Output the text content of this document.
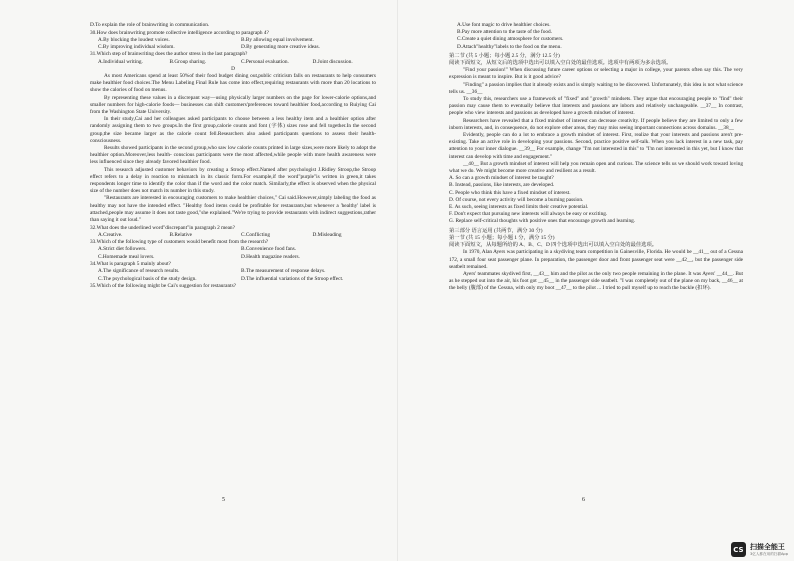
D.To explain the role of brainwriting in communication.

30.How does brainwriting promote collective intelligence according to paragraph 4?

A.By blocking the loudest voices.	B.By allowing equal involvement.
C.By improving individual wisdom.	D.By generating more creative ideas.

31.Which step of brainwriting does the author stress in the last paragraph?

A.Individual writing.	B.Group sharing.	C.Personal evaluation.	D.Joint discussion.

D

As most Americans spend at least 50%of their food budget dining out,public criticism falls on restaurants to help consumers make healthier food choices.The Menu Labeling Final Rule has come into effect,requiring restaurants with more than 20 locations to show the calories of food on menus.

By representing these values in a discrepant way—using physically larger numbers on the page for lower-calorie options,and smaller numbers for high-calorie foods— businesses can shift customers'preferences toward healthier food,according to Ruiying Cai from the Washington State University.

In their study,Cai and her colleagues asked participants to choose between a less healthy item and a healthier option after randomly assigning them to two groups.In the first group,calorie counts and font (字体) sizes rose and fell together.In the second group,the size became larger as the calorie count fell.Researchers also asked participants questions to assess their health-consciousness.

Results showed participants in the second group,who saw low calorie counts printed in large sizes,were more likely to adopt the healthier option.Moreover,less health- conscious participants were the most affected,while people with more health awareness were less influenced since they already favored healthier food.

This research adjusted customer behaviors by creating a Stroop effect.Named after psychologist J.Ridley Stroop,the Stroop effect refers to a delay in reaction to mismatch in its classic form.For example,if the word"purple"is written in green,it takes respondents longer time to identify the color than if the word and the color match. Similarly,the effect is observed when the physical size of the number does not match its number in this study.

"Restaurants are interested in encouraging customers to make healthier choices," Cai said.However,simply labeling the food as healthy may not have the intended effect. "Healthy food items could be profitable for restaurants,but whenever a 'healthy' label is attached,people may assume it does not taste good,"she explained."We're trying to provide restaurants with indirect suggestions,rather than saying it out loud."

32.What does the underlined word"discrepant"in paragraph 2 mean?

A.Creative.	B.Relative	C.Conflicting	D.Misleading

33.Which of the following type of customers would benefit most from the research?

A.Strict diet followers.	B.Convenience food fans.
C.Homemade meal lovers.	D.Health magazine readers.

34.What is paragraph 5 mainly about?

A.The significance of research results.	B.The measurement of response delays.
C.The psychological basis of the study design.	D.The influential variations of the Stroop effect.

35.Which of the following might be Cai's suggestion for restaurants?

5

A.Use font magic to drive healthier choices.

B.Pay more attention to the taste of the food.

C.Create a quiet dining atmosphere for customers.

D.Attach"healthy"labels to the food on the menu.

第二节 (共 5 小题；每小题 2.5 分，满分 12.5 分)

阅读下面短文，从短文后的选项中选出可以填入空白处的最佳选项。选项中有两项为多余选项。

"Find your passion!" When discussing future career options or selecting a major in college, your parents often say this. The very expression is meant to inspire. But is it good advice?

"Finding" a passion implies that it already exists and is simply waiting to be discovered. Unfortunately, this idea is not what science tells us. __36__

To study this, researchers use a framework of "fixed" and "growth" mindsets. They argue that encouraging people to "find" their passion may cause them to eventually believe that interests and passions are inborn and relatively unchangeable. __37__ In contrast, people who view interests and passions as developed have a growth mindset of interest.

Researchers have revealed that a fixed mindset of interest can decrease creativity. If people believe they are limited to only a few inborn interests, and, in consequence, do not explore other areas, they may miss seeing important connections across domains. __38__

Evidently, people can do a lot to embrace a growth mindset of interest. First, realize that your interests and passions aren't pre-existing. Take an active role in developing your passions. Second, practice positive self-talk. When you lack interest in a new task, pay attention to your inner dialogue. __39__ For example, change "I'm not interested in this" to "I'm not interested in this yet, but I know that interest can develop with time and engagement."

__40__ But a growth mindset of interest will help you remain open and curious. The science tells us we should work toward loving what we do. We might become more creative and resilient as a result.

A. So can a growth mindset of interest be taught?

B. Instead, passions, like interests, are developed.

C. People who think this have a fixed mindset of interest.

D. Of course, not every activity will become a burning passion.

E. As such, seeing interests as fixed limits their creative potential.

F. Don't expect that pursuing new interests will always be easy or exciting.

G. Replace self-critical thoughts with positive ones that encourage growth and learning.

第三部分 语言运用 (共两节，满分 30 分)

第一节 (共 15 小题；每小题 1 分，满分 15 分)

阅读下面短文，从每题所给的 A、B、C、D 四个选项中选出可以填入空白处的最佳选项。

In 1970, Alan Ayers was participating in a skydiving team competition in Gainesville, Florida. He would be __41__ out of a Cessna 172, a small four seat passenger plane. In preparation, the passenger door and front passenger seat were __42__, but the passenger side seatbelt remained.

Ayers' teammates skydived first, __43__ him and the pilot as the only two people remaining in the plane. It was Ayers' __44__. But as he stepped out into the air, his foot got __45__ in the passenger side seatbelt. "I was completely out of the plane on my back, __46__ at the belly (腹部) of the Cessna, with only my boot __47__ to the pilot ... I tried to pull myself up to reach the buckle (扣环).

6
CS 扫描全能王
3亿人都在用的扫描App
